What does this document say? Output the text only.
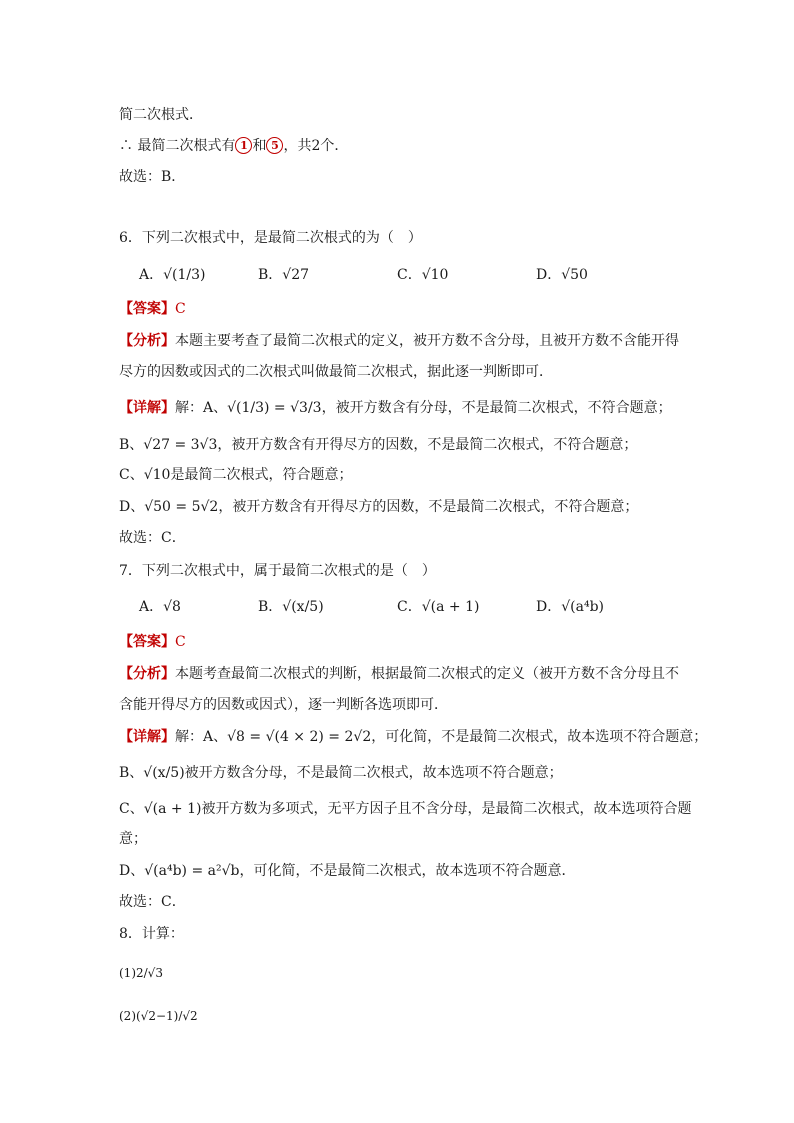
简二次根式．
∴ 最简二次根式有 1 和 5 ，共2个．
故选：B．
6．下列二次根式中，是最简二次根式的为（　）
A．√(1/3)	B．√27	C．√10	D．√50
【答案】C
【分析】本题主要考查了最简二次根式的定义，被开方数不含分母，且被开方数不含能开得
尽方的因数或因式的二次根式叫做最简二次根式，据此逐一判断即可．
【详解】解：A、√(1/3) = √3/3，被开方数含有分母，不是最简二次根式，不符合题意；
B、√27 = 3√3，被开方数含有开得尽方的因数，不是最简二次根式，不符合题意；
C、√10是最简二次根式，符合题意；
D、√50 = 5√2，被开方数含有开得尽方的因数，不是最简二次根式，不符合题意；
故选：C．
7．下列二次根式中，属于最简二次根式的是（　）
A．√8	B．√(x/5)	C．√(a + 1)	D．√(a⁴b)
【答案】C
【分析】本题考查最简二次根式的判断，根据最简二次根式的定义（被开方数不含分母且不
含能开得尽方的因数或因式），逐一判断各选项即可．
【详解】解：A、√8 = √(4 × 2) = 2√2，可化简，不是最简二次根式，故本选项不符合题意；
B、√(x/5)被开方数含分母，不是最简二次根式，故本选项不符合题意；
C、√(a + 1)被开方数为多项式，无平方因子且不含分母，是最简二次根式，故本选项符合题
意；
D、√(a⁴b) = a²√b，可化简，不是最简二次根式，故本选项不符合题意．
故选：C．
8．计算：
(1)2/√3
(2)(√2−1)/√2
